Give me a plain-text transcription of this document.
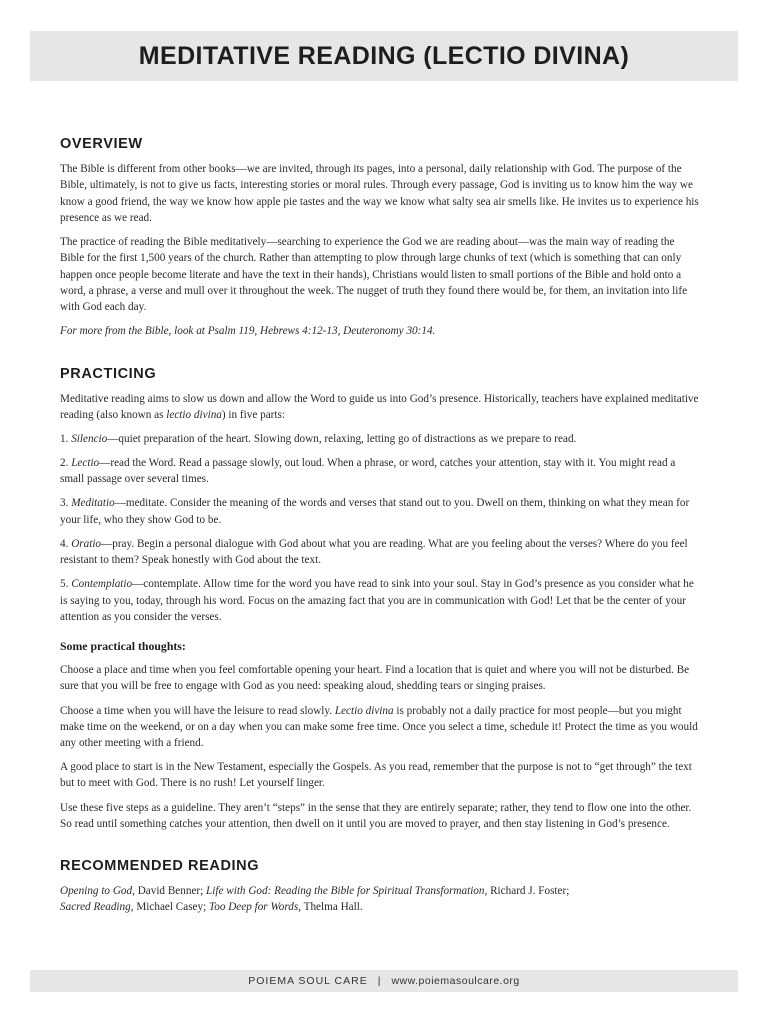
MEDITATIVE READING (LECTIO DIVINA)
OVERVIEW

The Bible is different from other books—we are invited, through its pages, into a personal, daily relationship with God. The purpose of the Bible, ultimately, is not to give us facts, interesting stories or moral rules. Through every passage, God is inviting us to know him the way we know a good friend, the way we know how apple pie tastes and the way we know what salty sea air smells like. He invites us to experience his presence as we read.

The practice of reading the Bible meditatively—searching to experience the God we are reading about—was the main way of reading the Bible for the first 1,500 years of the church. Rather than attempting to plow through large chunks of text (which is something that can only happen once people become literate and have the text in their hands), Christians would listen to small portions of the Bible and hold onto a word, a phrase, a verse and mull over it throughout the week. The nugget of truth they found there would be, for them, an invitation into life with God each day.

For more from the Bible, look at Psalm 119, Hebrews 4:12-13, Deuteronomy 30:14.

PRACTICING

Meditative reading aims to slow us down and allow the Word to guide us into God’s presence. Historically, teachers have explained meditative reading (also known as lectio divina) in five parts:

1. Silencio—quiet preparation of the heart. Slowing down, relaxing, letting go of distractions as we prepare to read.

2. Lectio—read the Word. Read a passage slowly, out loud. When a phrase, or word, catches your attention, stay with it. You might read a small passage over several times.

3. Meditatio—meditate. Consider the meaning of the words and verses that stand out to you. Dwell on them, thinking on what they mean for your life, who they show God to be.

4. Oratio—pray. Begin a personal dialogue with God about what you are reading. What are you feeling about the verses? Where do you feel resistant to them? Speak honestly with God about the text.

5. Contemplatio—contemplate. Allow time for the word you have read to sink into your soul. Stay in God’s presence as you consider what he is saying to you, today, through his word. Focus on the amazing fact that you are in communication with God! Let that be the center of your attention as you consider the verses.

Some practical thoughts:

Choose a place and time when you feel comfortable opening your heart. Find a location that is quiet and where you will not be disturbed. Be sure that you will be free to engage with God as you need: speaking aloud, shedding tears or singing praises.

Choose a time when you will have the leisure to read slowly. Lectio divina is probably not a daily practice for most people—but you might make time on the weekend, or on a day when you can make some free time. Once you select a time, schedule it! Protect the time as you would any other meeting with a friend.

A good place to start is in the New Testament, especially the Gospels. As you read, remember that the purpose is not to “get through” the text but to meet with God. There is no rush! Let yourself linger.

Use these five steps as a guideline. They aren’t “steps” in the sense that they are entirely separate; rather, they tend to flow one into the other. So read until something catches your attention, then dwell on it until you are moved to prayer, and then stay listening in God’s presence.

RECOMMENDED READING

Opening to God, David Benner; Life with God: Reading the Bible for Spiritual Transformation, Richard J. Foster;
Sacred Reading, Michael Casey; Too Deep for Words, Thelma Hall.

POIEMA SOUL CARE | www.poiemasoulcare.org
